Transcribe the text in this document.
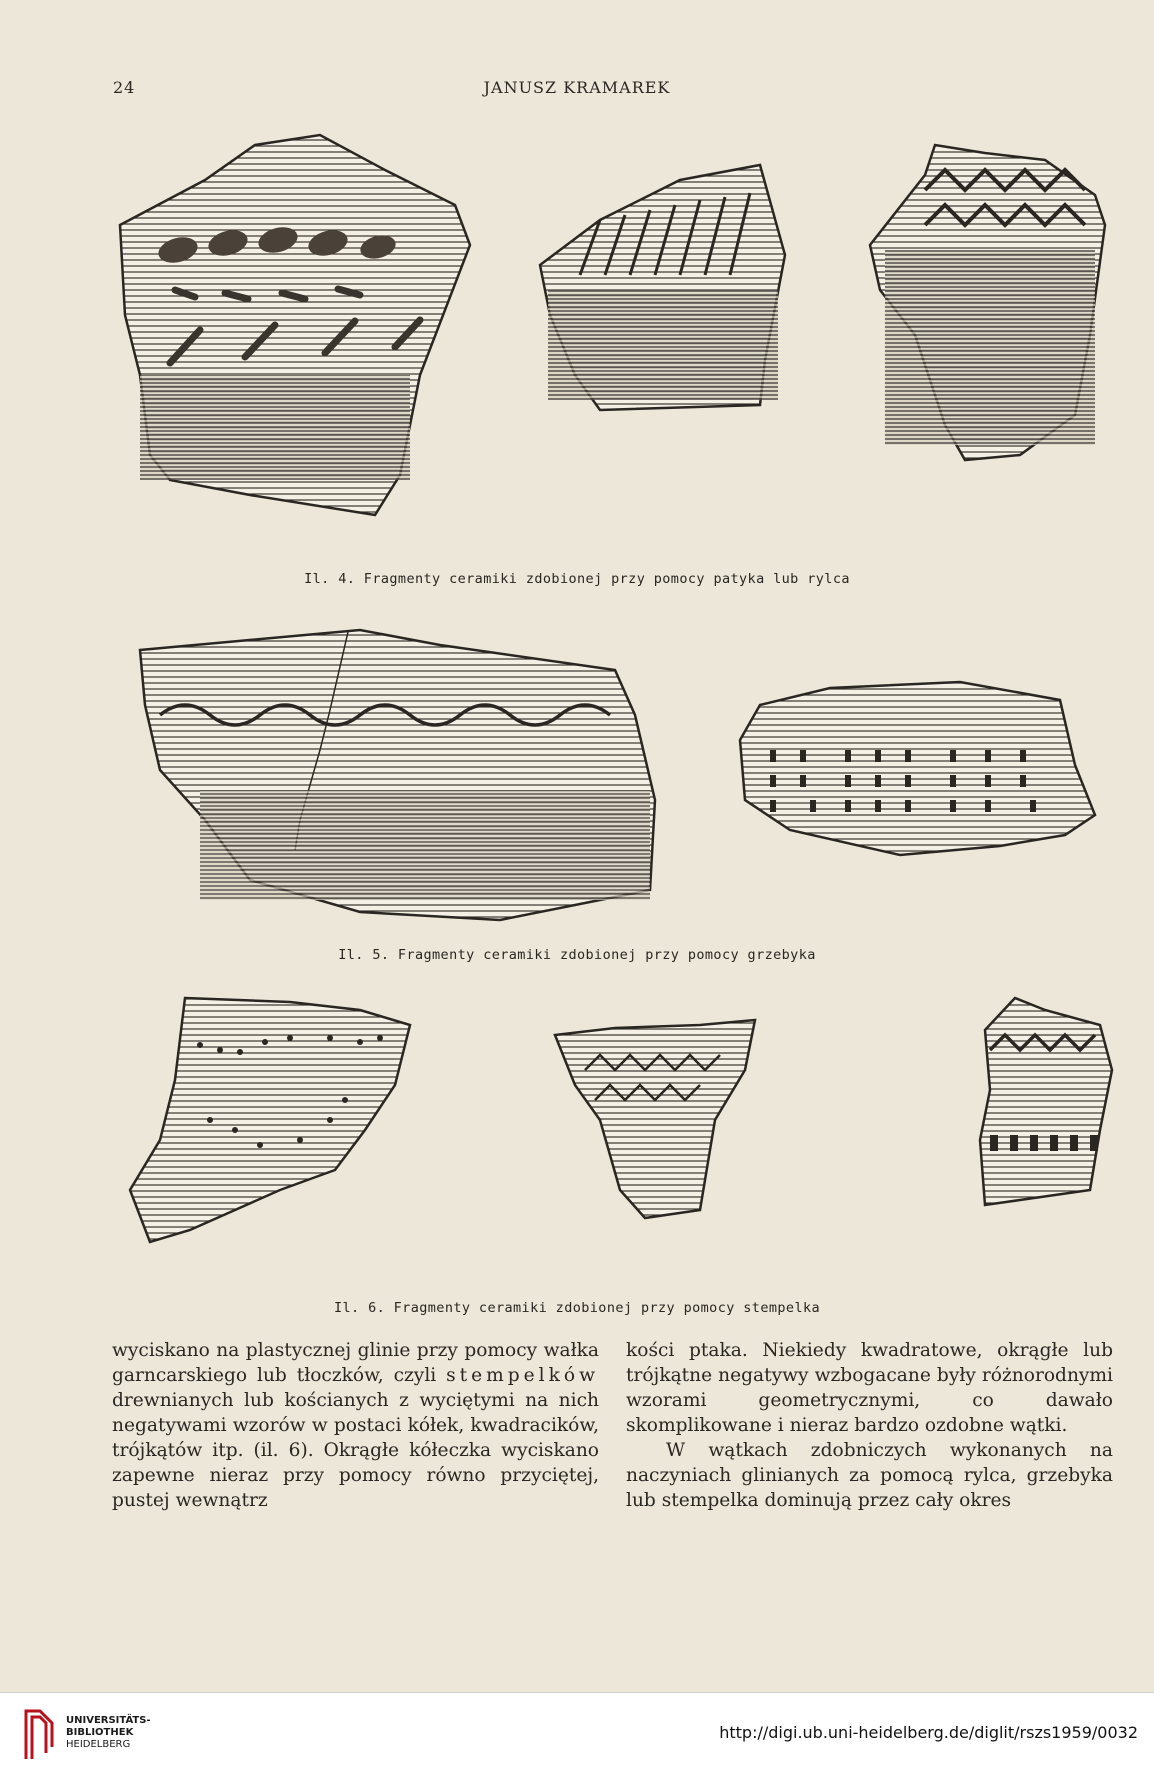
24	JANUSZ KRAMAREK
Il. 4. Fragmenty ceramiki zdobionej przy pomocy patyka lub rylca
Il. 5. Fragmenty ceramiki zdobionej przy pomocy grzebyka
Il. 6. Fragmenty ceramiki zdobionej przy pomocy stempelka

wyciskano na plastycznej glinie przy pomocy wałka garncarskiego lub tłoczków, czyli stempelków drewnianych lub kościanych z wyciętymi na nich negatywami wzorów w postaci kółek, kwadracików, trójkątów itp. (il. 6). Okrągłe kółeczka wyciskano zapewne nieraz przy pomocy równo przyciętej, pustej wewnątrz

kości ptaka. Niekiedy kwadratowe, okrągłe lub trójkątne negatywy wzbogacane były różnorodnymi wzorami geometrycznymi, co dawało skomplikowane i nieraz bardzo ozdobne wątki.

W wątkach zdobniczych wykonanych na naczyniach glinianych za pomocą rylca, grzebyka lub stempelka dominują przez cały okres

UNIVERSITÄTS-
BIBLIOTHEK
HEIDELBERG
http://digi.ub.uni-heidelberg.de/diglit/rszs1959/0032
